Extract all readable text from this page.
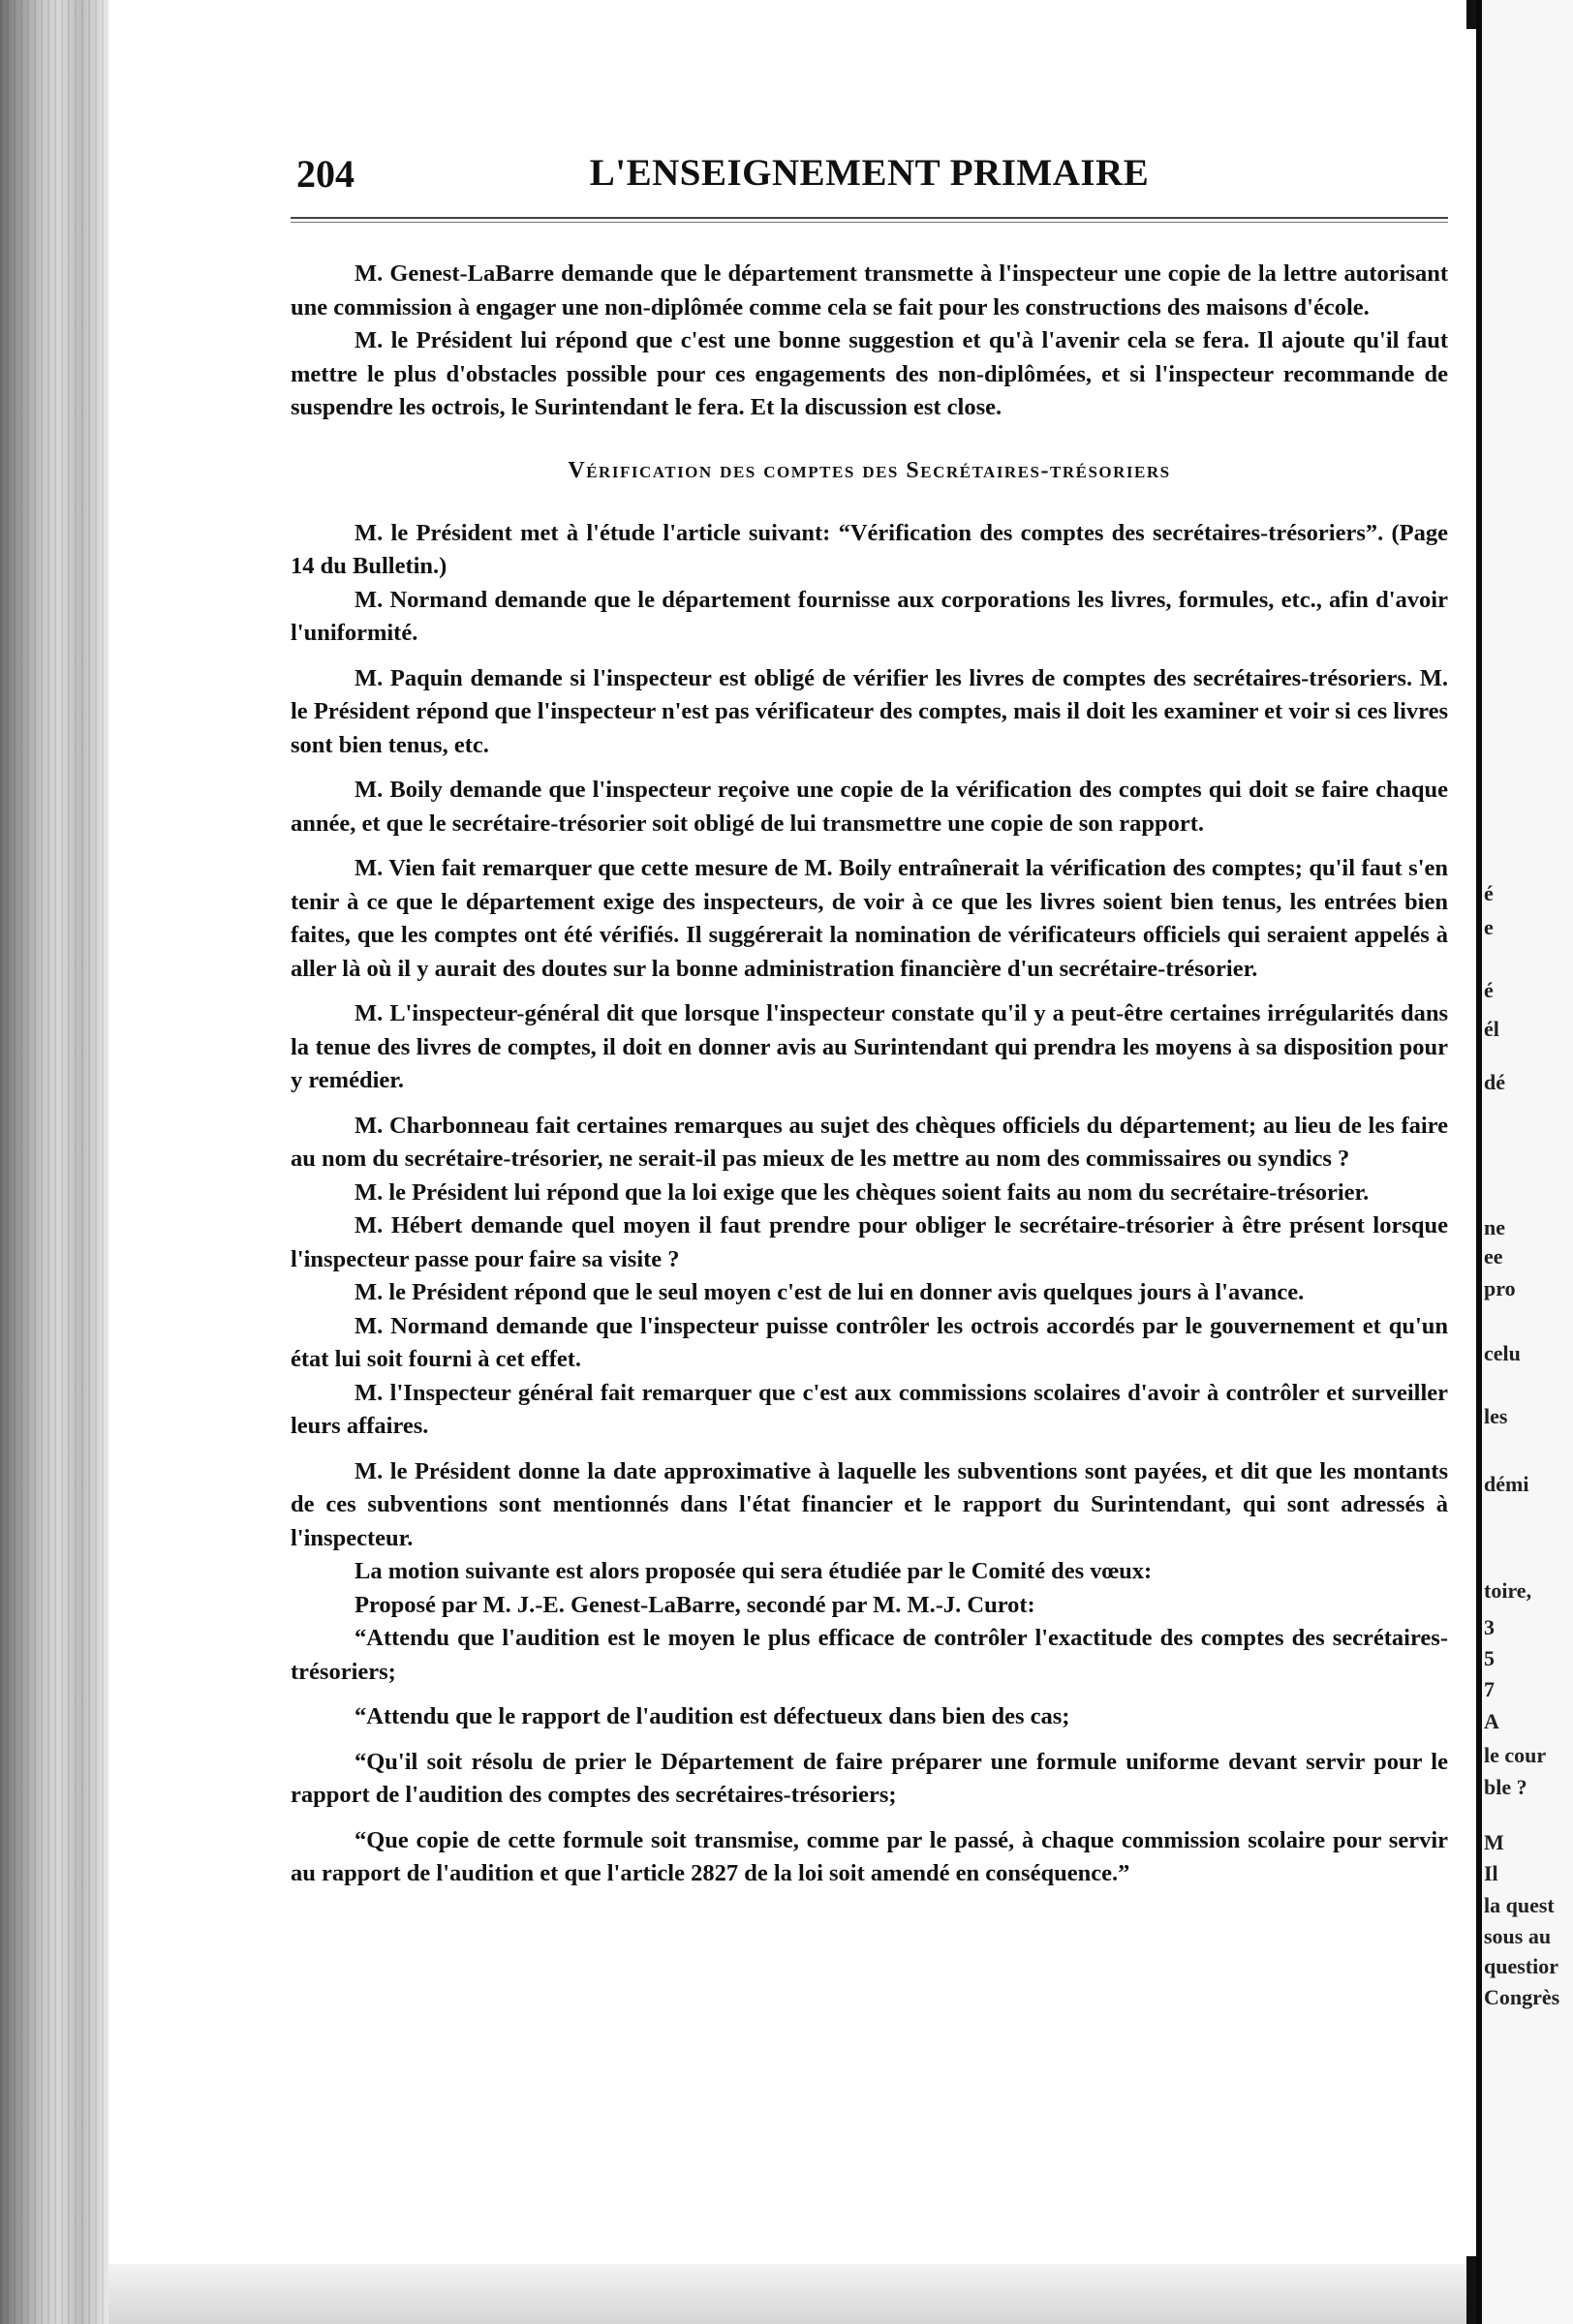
é
e
é
él
dé
ne
ee
pro
celu
les
démi
toire,
3
5
7
A
le cour
ble ?
M
Il
la quest
sous au
questior
Congrès
204	L'ENSEIGNEMENT PRIMAIRE

M. Genest-LaBarre demande que le département transmette à l'inspecteur une copie de la lettre autorisant une commission à engager une non-diplômée comme cela se fait pour les constructions des maisons d'école.

M. le Président lui répond que c'est une bonne suggestion et qu'à l'avenir cela se fera. Il ajoute qu'il faut mettre le plus d'obstacles possible pour ces engagements des non-diplômées, et si l'inspecteur recommande de suspendre les octrois, le Surintendant le fera. Et la discussion est close.

Vérification des comptes des Secrétaires-trésoriers

M. le Président met à l'étude l'article suivant: “Vérification des comptes des secrétaires-trésoriers”. (Page 14 du Bulletin.)

M. Normand demande que le département fournisse aux corporations les livres, formules, etc., afin d'avoir l'uniformité.

M. Paquin demande si l'inspecteur est obligé de vérifier les livres de comptes des secrétaires-trésoriers. M. le Président répond que l'inspecteur n'est pas vérificateur des comptes, mais il doit les examiner et voir si ces livres sont bien tenus, etc.

M. Boily demande que l'inspecteur reçoive une copie de la vérification des comptes qui doit se faire chaque année, et que le secrétaire-trésorier soit obligé de lui transmettre une copie de son rapport.

M. Vien fait remarquer que cette mesure de M. Boily entraînerait la vérification des comptes; qu'il faut s'en tenir à ce que le département exige des inspecteurs, de voir à ce que les livres soient bien tenus, les entrées bien faites, que les comptes ont été vérifiés. Il suggérerait la nomination de vérificateurs officiels qui seraient appelés à aller là où il y aurait des doutes sur la bonne administration financière d'un secrétaire-trésorier.

M. L'inspecteur-général dit que lorsque l'inspecteur constate qu'il y a peut-être certaines irrégularités dans la tenue des livres de comptes, il doit en donner avis au Surintendant qui prendra les moyens à sa disposition pour y remédier.

M. Charbonneau fait certaines remarques au sujet des chèques officiels du département; au lieu de les faire au nom du secrétaire-trésorier, ne serait-il pas mieux de les mettre au nom des commissaires ou syndics ?

M. le Président lui répond que la loi exige que les chèques soient faits au nom du secrétaire-trésorier.

M. Hébert demande quel moyen il faut prendre pour obliger le secrétaire-trésorier à être présent lorsque l'inspecteur passe pour faire sa visite ?

M. le Président répond que le seul moyen c'est de lui en donner avis quelques jours à l'avance.

M. Normand demande que l'inspecteur puisse contrôler les octrois accordés par le gouvernement et qu'un état lui soit fourni à cet effet.

M. l'Inspecteur général fait remarquer que c'est aux commissions scolaires d'avoir à contrôler et surveiller leurs affaires.

M. le Président donne la date approximative à laquelle les subventions sont payées, et dit que les montants de ces subventions sont mentionnés dans l'état financier et le rapport du Surintendant, qui sont adressés à l'inspecteur.

La motion suivante est alors proposée qui sera étudiée par le Comité des vœux:

Proposé par M. J.-E. Genest-LaBarre, secondé par M. M.-J. Curot:

“Attendu que l'audition est le moyen le plus efficace de contrôler l'exactitude des comptes des secrétaires-trésoriers;

“Attendu que le rapport de l'audition est défectueux dans bien des cas;

“Qu'il soit résolu de prier le Département de faire préparer une formule uniforme devant servir pour le rapport de l'audition des comptes des secrétaires-trésoriers;

“Que copie de cette formule soit transmise, comme par le passé, à chaque commission scolaire pour servir au rapport de l'audition et que l'article 2827 de la loi soit amendé en conséquence.”
